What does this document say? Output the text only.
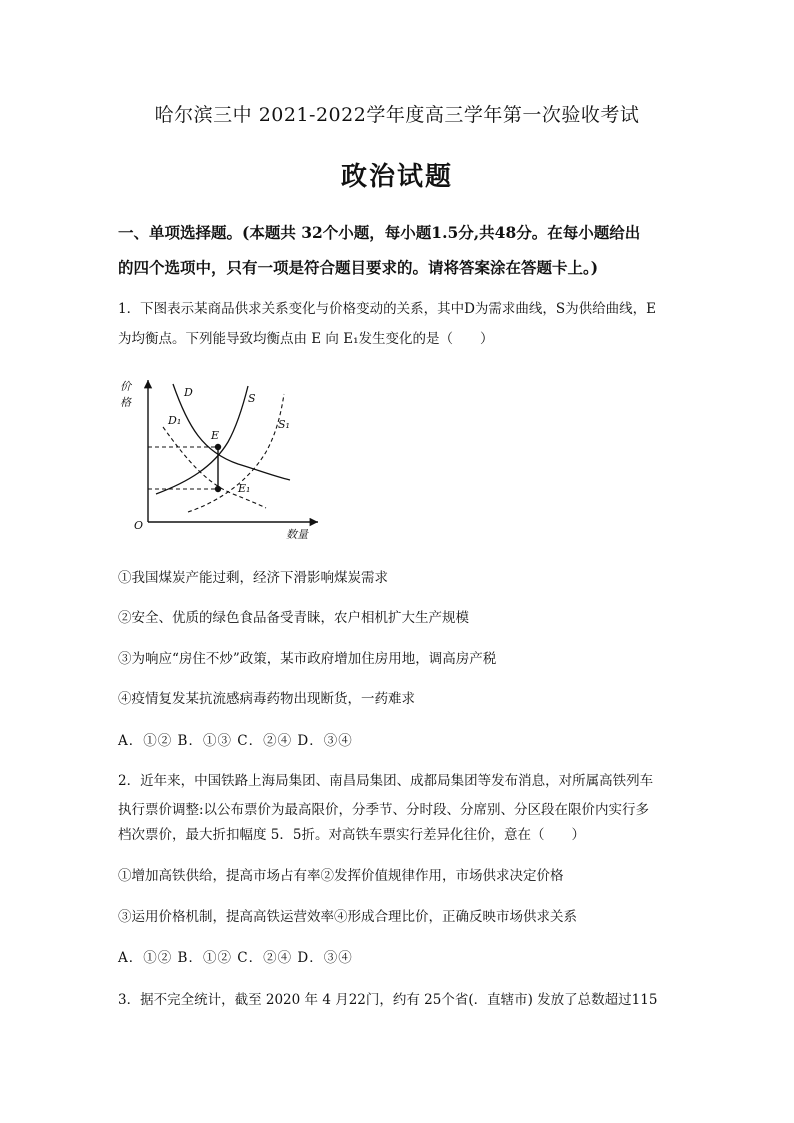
哈尔滨三中 2021-2022学年度高三学年第一次验收考试
政治试题
一、单项选择题。(本题共 32个小题，每小题1.5分,共48分。在每小题给出
的四个选项中，只有一项是符合题目要求的。请将答案涂在答题卡上。)
1．下图表示某商品供求关系变化与价格变动的关系，其中D为需求曲线，S为供给曲线，E
为均衡点。下列能导致均衡点由 E 向 E₁发生变化的是（　　）
价
格
数量
O
D
D₁
S
S₁
E
E₁
①我国煤炭产能过剩，经济下滑影响煤炭需求
②安全、优质的绿色食品备受青睐，农户相机扩大生产规模
③为响应“房住不炒”政策，某市政府增加住房用地，调高房产税
④疫情复发某抗流感病毒药物出现断货，一药难求
A．①② B．①③ C．②④ D．③④
2．近年来，中国铁路上海局集团、南昌局集团、成都局集团等发布消息，对所属高铁列车
执行票价调整:以公布票价为最高限价，分季节、分时段、分席别、分区段在限价内实行多
档次票价，最大折扣幅度 5．5折。对高铁车票实行差异化往价，意在（　　）
①增加高铁供给，提高市场占有率②发挥价值规律作用，市场供求决定价格
③运用价格机制，提高高铁运营效率④形成合理比价，正确反映市场供求关系
A．①② B．①② C．②④ D．③④
3．据不完全统计，截至 2020 年 4 月22门，约有 25个省(．直辖市) 发放了总数超过115
